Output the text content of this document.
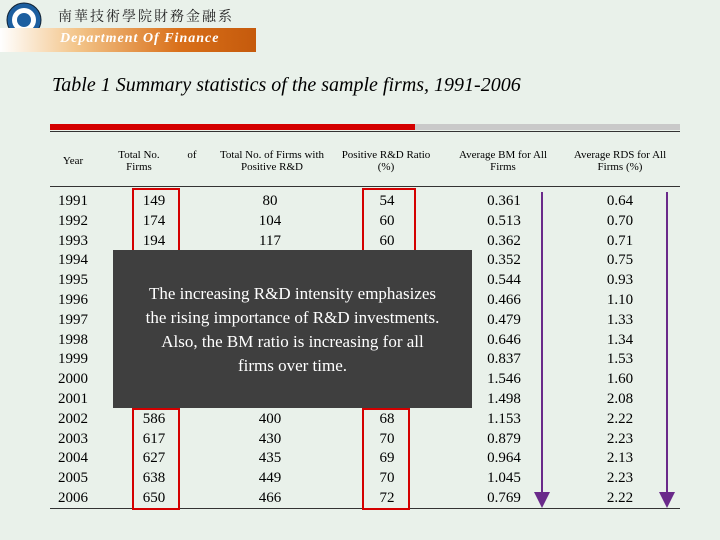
南華技術學院財務金融系
Department Of Finance
Table 1 Summary statistics of the sample firms, 1991-2006
Year	Total No.
Firms
of	Total No. of Firms with
Positive R&D
Positive R&D Ratio
(%)
Average BM for All
Firms
Average RDS for All
Firms (%)
1991
1992
1993
1994
1995
1996
1997
1998
1999
2000
2001
2002
2003
2004
2005
2006
149
174
194
586
617
627
638
650
80
104
117
400
430
435
449
466
54
60
60
68
70
69
70
72
0.361
0.513
0.362
0.352
0.544
0.466
0.479
0.646
0.837
1.546
1.498
1.153
0.879
0.964
1.045
0.769
0.64
0.70
0.71
0.75
0.93
1.10
1.33
1.34
1.53
1.60
2.08
2.22
2.23
2.13
2.23
2.22
The increasing R&D intensity emphasizes
the rising importance of R&D investments.
Also, the BM ratio is increasing for all
firms over time.
